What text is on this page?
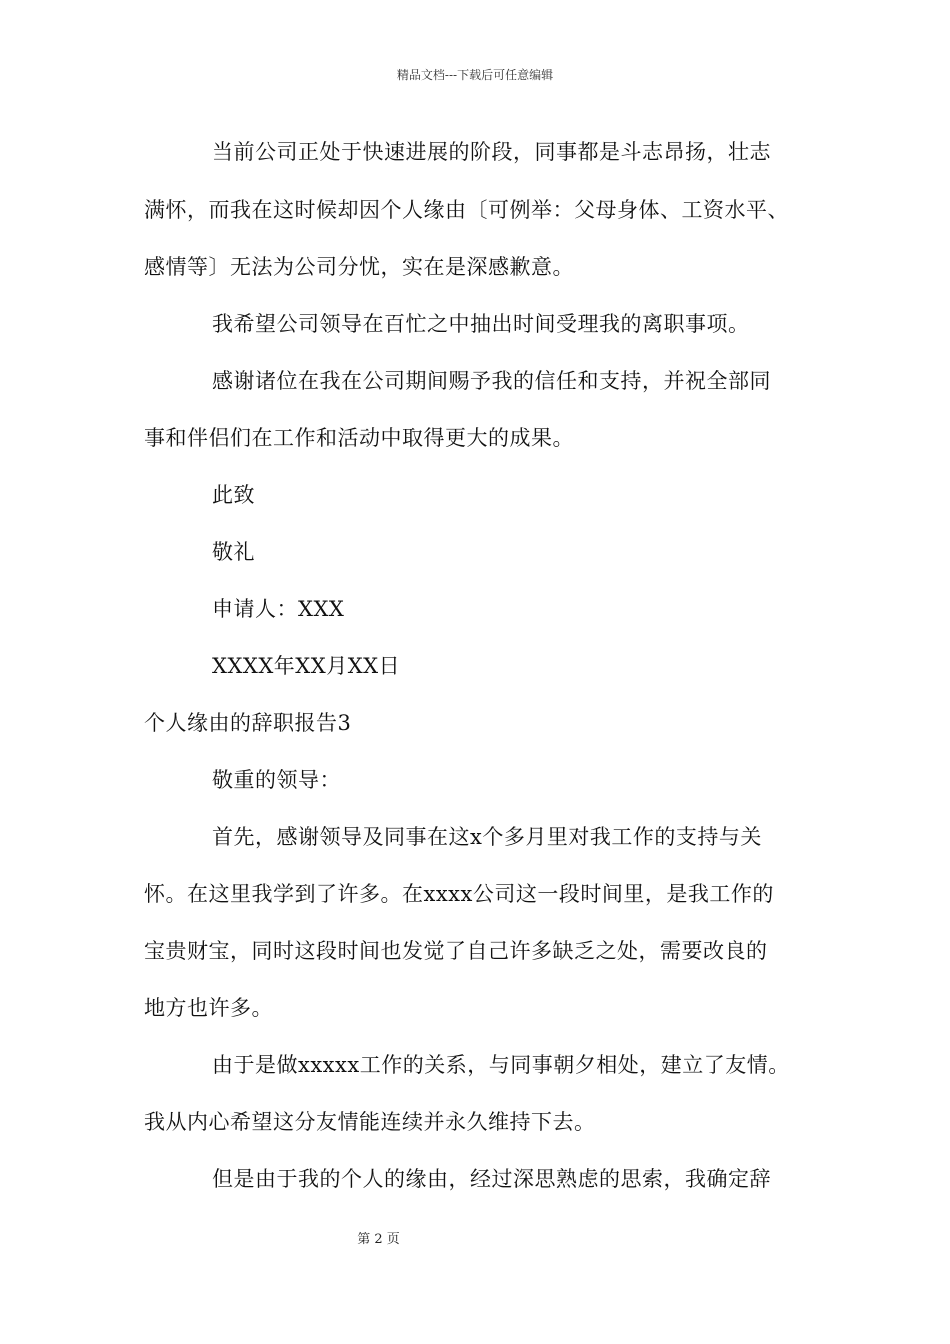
精品文档---下载后可任意编辑
当前公司正处于快速进展的阶段，同事都是斗志昂扬，壮志
满怀，而我在这时候却因个人缘由〔可例举：父母身体、工资水平、
感情等〕无法为公司分忧，实在是深感歉意。
我希望公司领导在百忙之中抽出时间受理我的离职事项。
感谢诸位在我在公司期间赐予我的信任和支持，并祝全部同
事和伴侣们在工作和活动中取得更大的成果。
此致
敬礼
申请人：XXX
XXXX年XX月XX日
个人缘由的辞职报告3
敬重的领导：
首先，感谢领导及同事在这x个多月里对我工作的支持与关
怀。在这里我学到了许多。在xxxx公司这一段时间里，是我工作的
宝贵财宝，同时这段时间也发觉了自己许多缺乏之处，需要改良的
地方也许多。
由于是做xxxxx工作的关系，与同事朝夕相处，建立了友情。
我从内心希望这分友情能连续并永久维持下去。
但是由于我的个人的缘由，经过深思熟虑的思索，我确定辞
第 2 页
